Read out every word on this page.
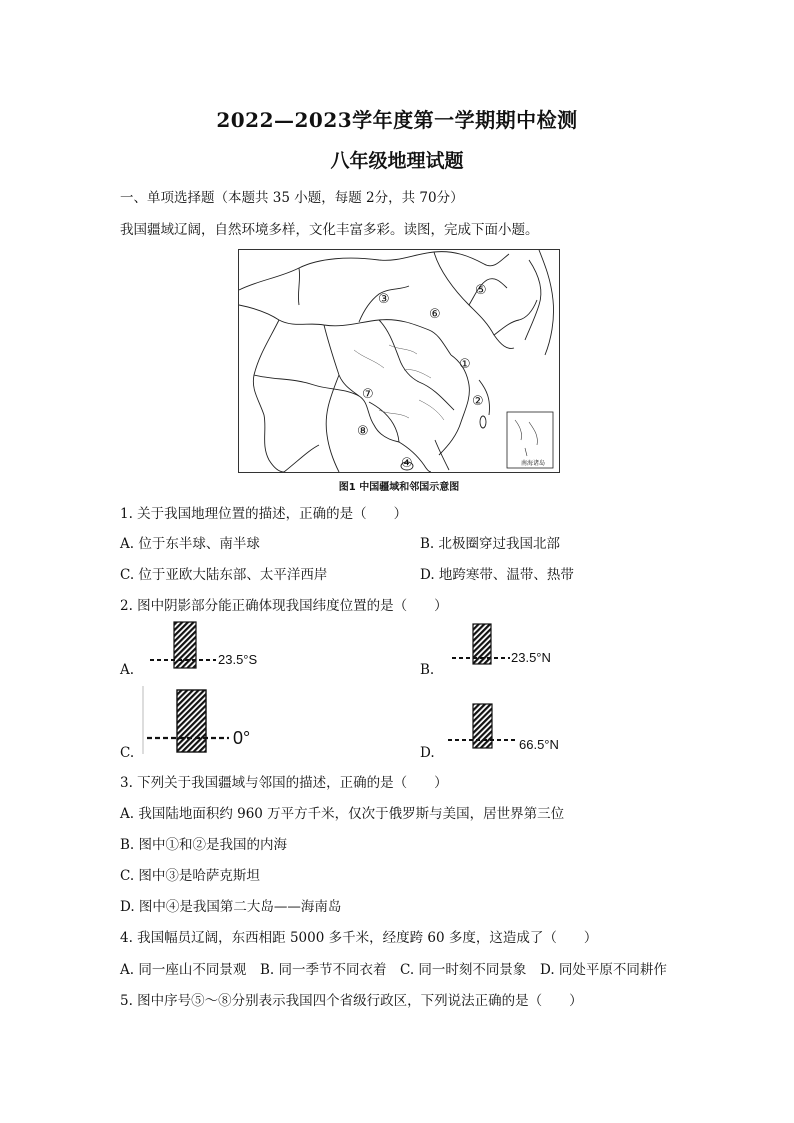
2022—2023学年度第一学期期中检测
八年级地理试题
一、单项选择题（本题共 35 小题，每题 2分，共 70分）
我国疆域辽阔，自然环境多样，文化丰富多彩。读图，完成下面小题。
③
⑤
⑥
①
⑦	②
⑧
④	南海诸岛
图1 中国疆域和邻国示意图
1. 关于我国地理位置的描述，正确的是（　　）
A. 位于东半球、南半球	B. 北极圈穿过我国北部
C. 位于亚欧大陆东部、太平洋西岸	D. 地跨寒带、温带、热带
2. 图中阴影部分能正确体现我国纬度位置的是（　　）
A.
23.5°S
B.
23.5°N
C.
0°
D.
66.5°N
3. 下列关于我国疆域与邻国的描述，正确的是（　　）
A. 我国陆地面积约 960 万平方千米，仅次于俄罗斯与美国，居世界第三位
B. 图中①和②是我国的内海
C. 图中③是哈萨克斯坦
D. 图中④是我国第二大岛——海南岛
4. 我国幅员辽阔，东西相距 5000 多千米，经度跨 60 多度，这造成了（　　）
A. 同一座山不同景观 B. 同一季节不同衣着 C. 同一时刻不同景象 D. 同处平原不同耕作
5. 图中序号⑤～⑧分别表示我国四个省级行政区，下列说法正确的是（　　）
